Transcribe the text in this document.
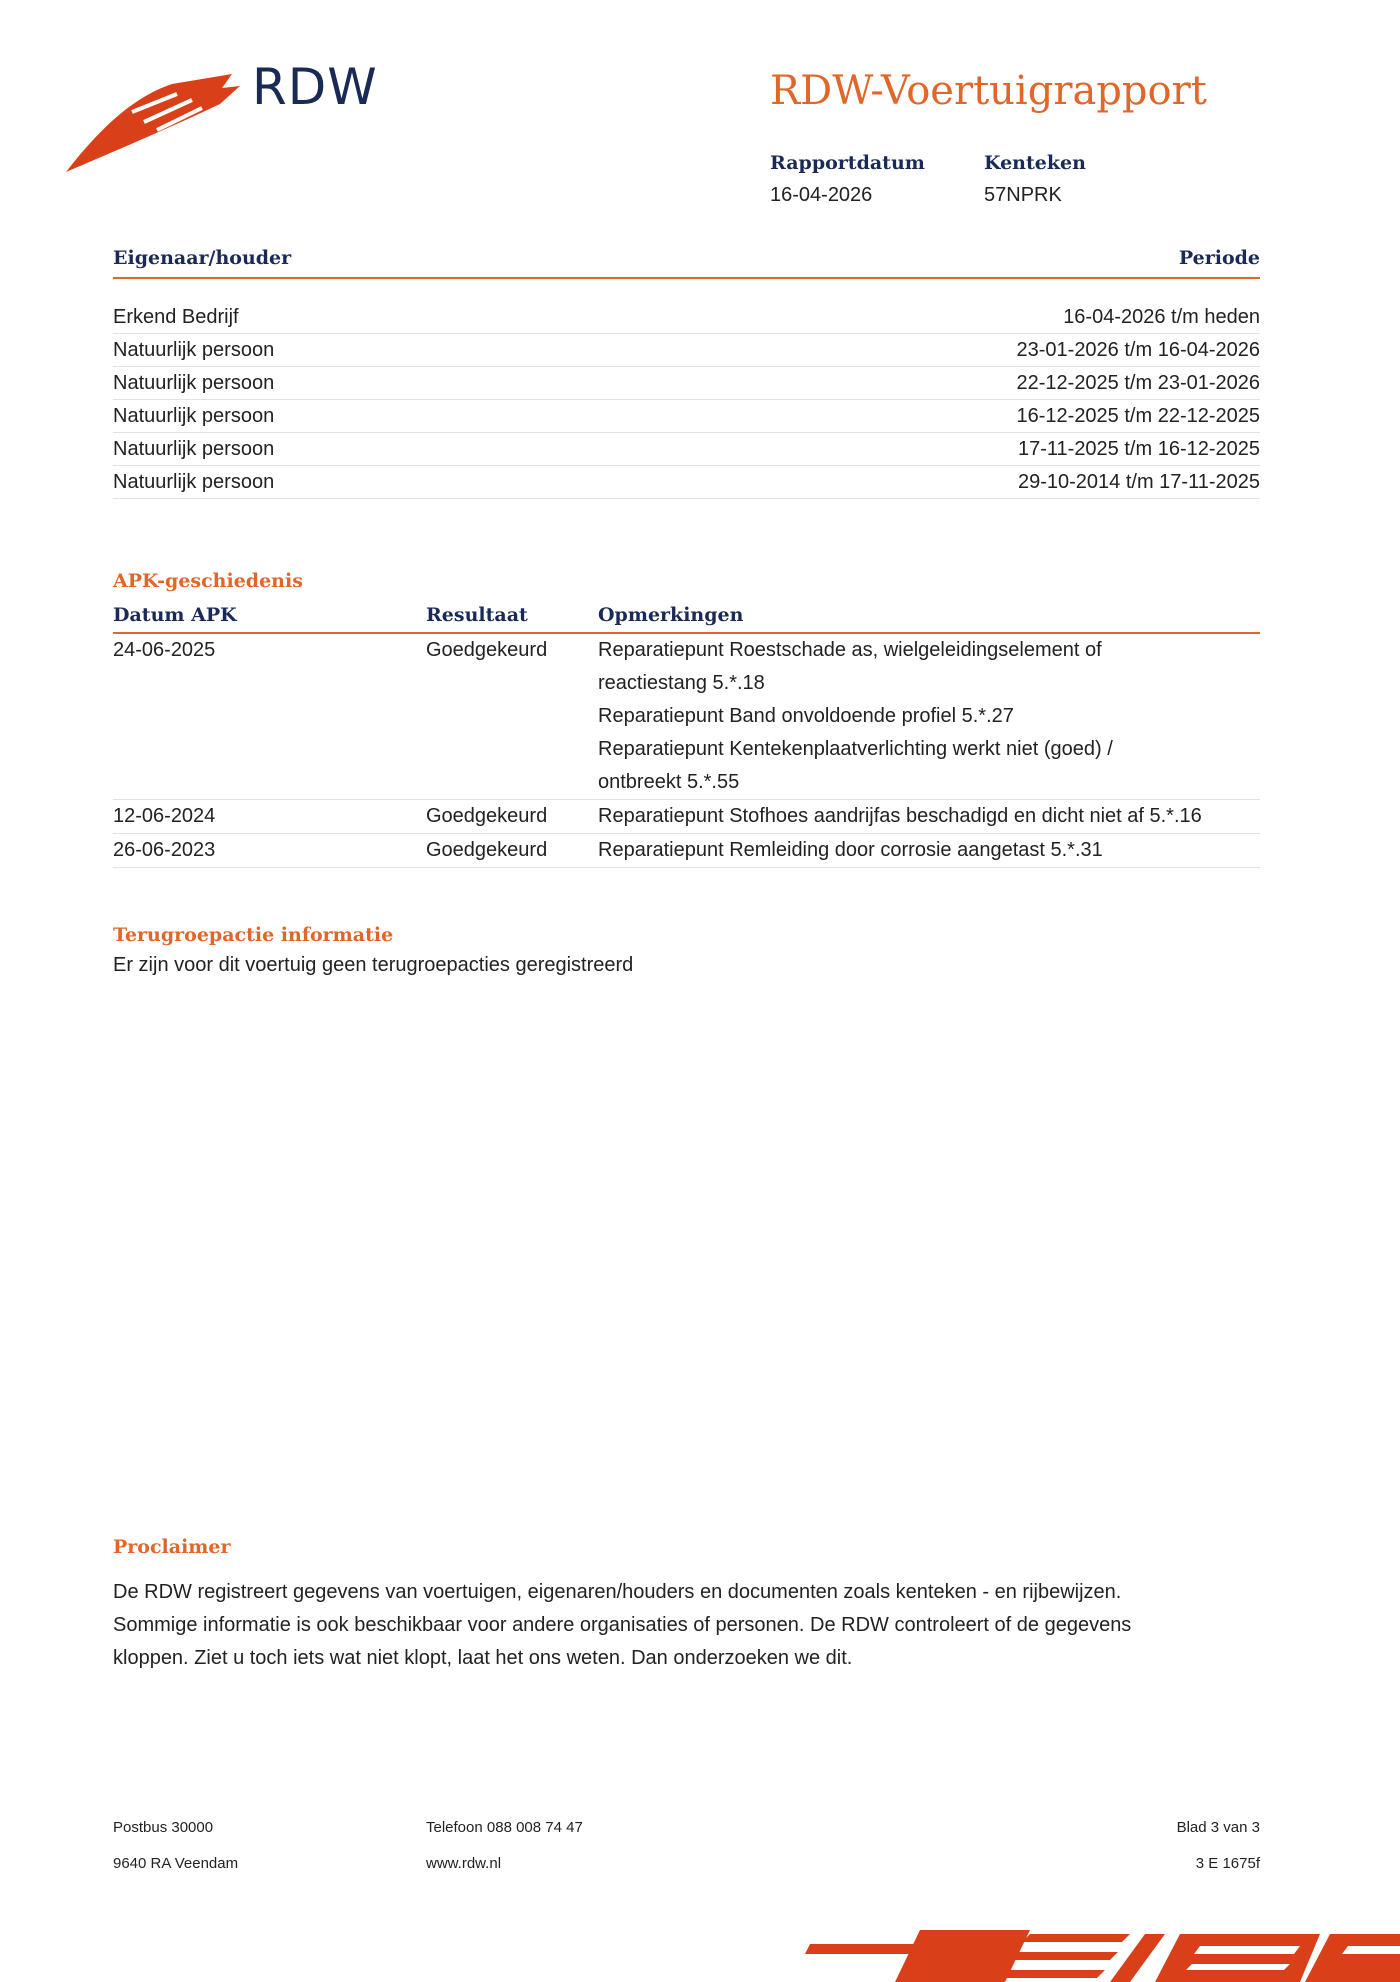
RDW	RDW-Voertuigrapport
Rapportdatum
16-04-2026
Kenteken
57NPRK
Eigenaar/houder	Periode
Erkend Bedrijf	16-04-2026 t/m heden
Natuurlijk persoon	23-01-2026 t/m 16-04-2026
Natuurlijk persoon	22-12-2025 t/m 23-01-2026
Natuurlijk persoon	16-12-2025 t/m 22-12-2025
Natuurlijk persoon	17-11-2025 t/m 16-12-2025
Natuurlijk persoon	29-10-2014 t/m 17-11-2025
APK-geschiedenis
Datum APK	Resultaat	Opmerkingen
24-06-2025	Goedgekeurd	Reparatiepunt Roestschade as, wielgeleidingselement of
reactiestang 5.*.18
Reparatiepunt Band onvoldoende profiel 5.*.27
Reparatiepunt Kentekenplaatverlichting werkt niet (goed) /
ontbreekt 5.*.55
12-06-2024	Goedgekeurd	Reparatiepunt Stofhoes aandrijfas beschadigd en dicht niet af 5.*.16
26-06-2023	Goedgekeurd	Reparatiepunt Remleiding door corrosie aangetast 5.*.31
Terugroepactie informatie
Er zijn voor dit voertuig geen terugroepacties geregistreerd
Proclaimer
De RDW registreert gegevens van voertuigen, eigenaren/houders en documenten zoals kenteken - en rijbewijzen.
Sommige informatie is ook beschikbaar voor andere organisaties of personen. De RDW controleert of de gegevens
kloppen. Ziet u toch iets wat niet klopt, laat het ons weten. Dan onderzoeken we dit.
Postbus 30000
9640 RA Veendam
Telefoon 088 008 74 47
www.rdw.nl
Blad 3 van 3
3 E 1675f
